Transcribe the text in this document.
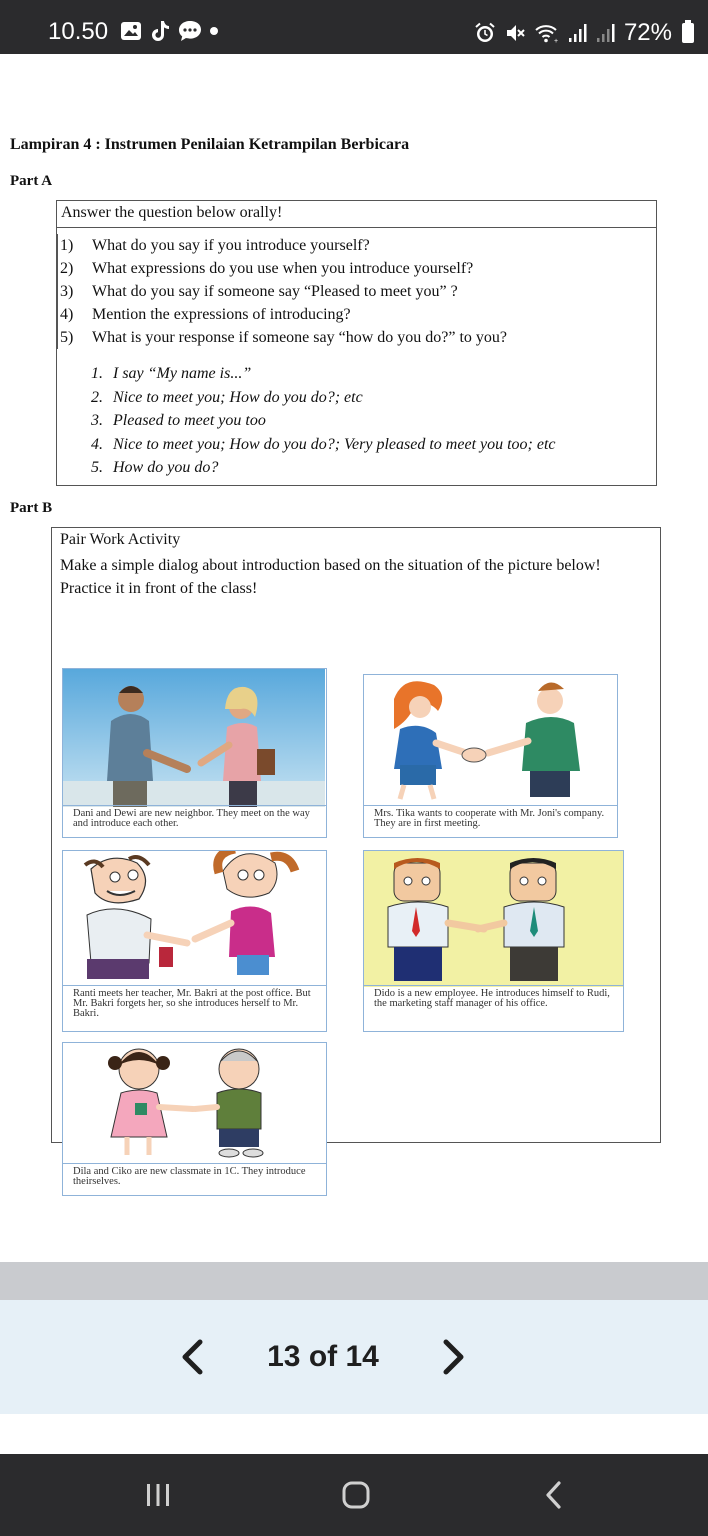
10.50	+	72%
Lampiran 4 : Instrumen Penilaian Ketrampilan Berbicara
Part A
Answer the question below orally!
1)	What do you say if you introduce yourself?
2)	What expressions do you use when you introduce yourself?
3)	What do you say if someone say “Pleased to meet you” ?
4)	Mention the expressions of introducing?
5)	What is your response if someone say “how do you do?” to you?
1. I say “My name is...”
2. Nice to meet you; How do you do?; etc
3. Pleased to meet you too
4. Nice to meet you; How do you do?; Very pleased to meet you too; etc
5. How do you do?
Part B
Pair Work Activity
Make a simple dialog about introduction based on the situation of the picture below! Practice it in front of the class!
Dani and Dewi are new neighbor. They meet on the way and introduce each other.
Mrs. Tika wants to cooperate with Mr. Joni's company. They are in first meeting.
Ranti meets her teacher, Mr. Bakri at the post office. But Mr. Bakri forgets her, so she introduces herself to Mr. Bakri.
Dido is a new employee. He introduces himself to Rudi, the marketing staff manager of his office.
Dila and Ciko are new classmate in 1C. They introduce theirselves.
13 of 14
